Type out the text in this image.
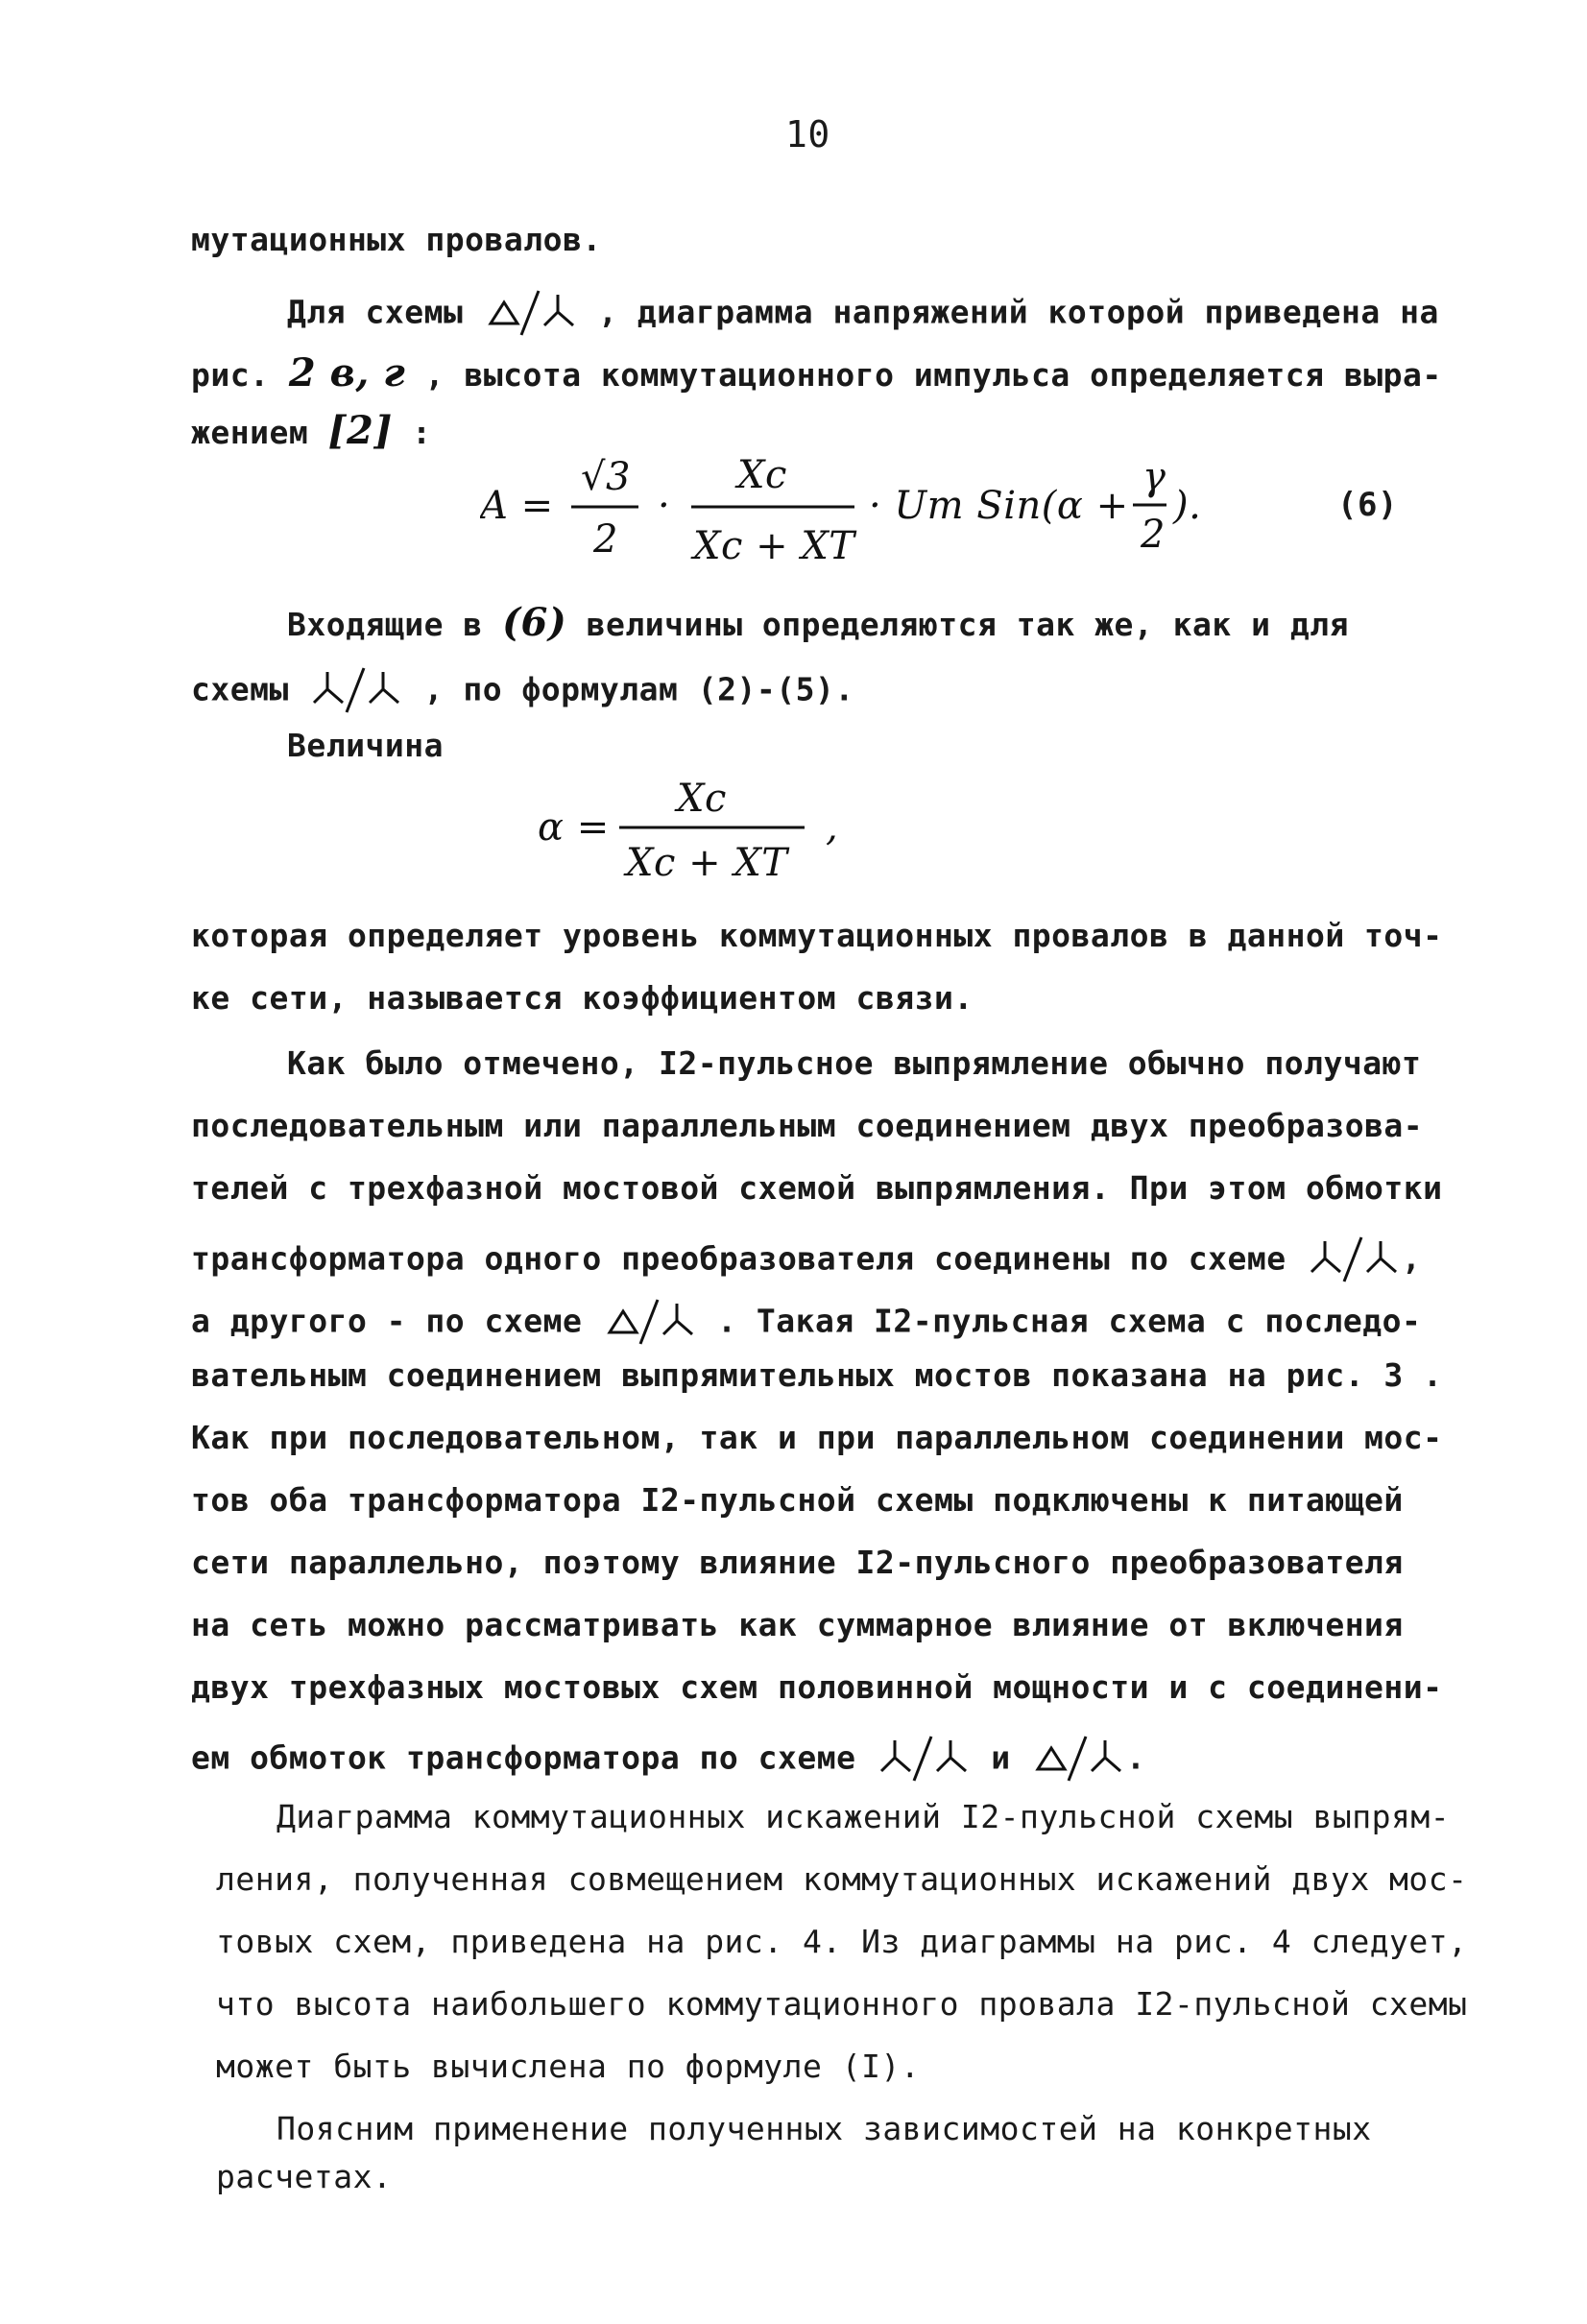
10
мутационных провалов.
Для схемы	, диаграмма напряжений которой приведена на
рис. 2 в, г , высота коммутационного импульса определяется выра-
жением [2] :
A =
√3
2
·
Xc
Xc + XT
· Um Sin(α +
γ
2
).	(6)
Входящие в (6) величины определяются так же, как и для
схемы	, по формулам (2)-(5).
Величина
α =
Xc
Xc + XT
,
которая определяет уровень коммутационных провалов в данной точ-
ке сети, называется коэффициентом связи.
Как было отмечено, I2-пульсное выпрямление обычно получают
последовательным или параллельным соединением двух преобразова-
телей с трехфазной мостовой схемой выпрямления. При этом обмотки
трансформатора одного преобразователя соединены по схеме	,
а другого - по схеме	. Такая I2-пульсная схема с последо-
вательным соединением выпрямительных мостов показана на рис. 3 .
Как при последовательном, так и при параллельном соединении мос-
тов оба трансформатора I2-пульсной схемы подключены к питающей
сети параллельно, поэтому влияние I2-пульсного преобразователя
на сеть можно рассматривать как суммарное влияние от включения
двух трехфазных мостовых схем половинной мощности и с соединени-
ем обмоток трансформатора по схеме	и	.
Диаграмма коммутационных искажений I2-пульсной схемы выпрям-
ления, полученная совмещением коммутационных искажений двух мос-
товых схем, приведена на рис. 4. Из диаграммы на рис. 4 следует,
что высота наибольшего коммутационного провала I2-пульсной схемы
может быть вычислена по формуле (I).
Поясним применение полученных зависимостей на конкретных
расчетах.
